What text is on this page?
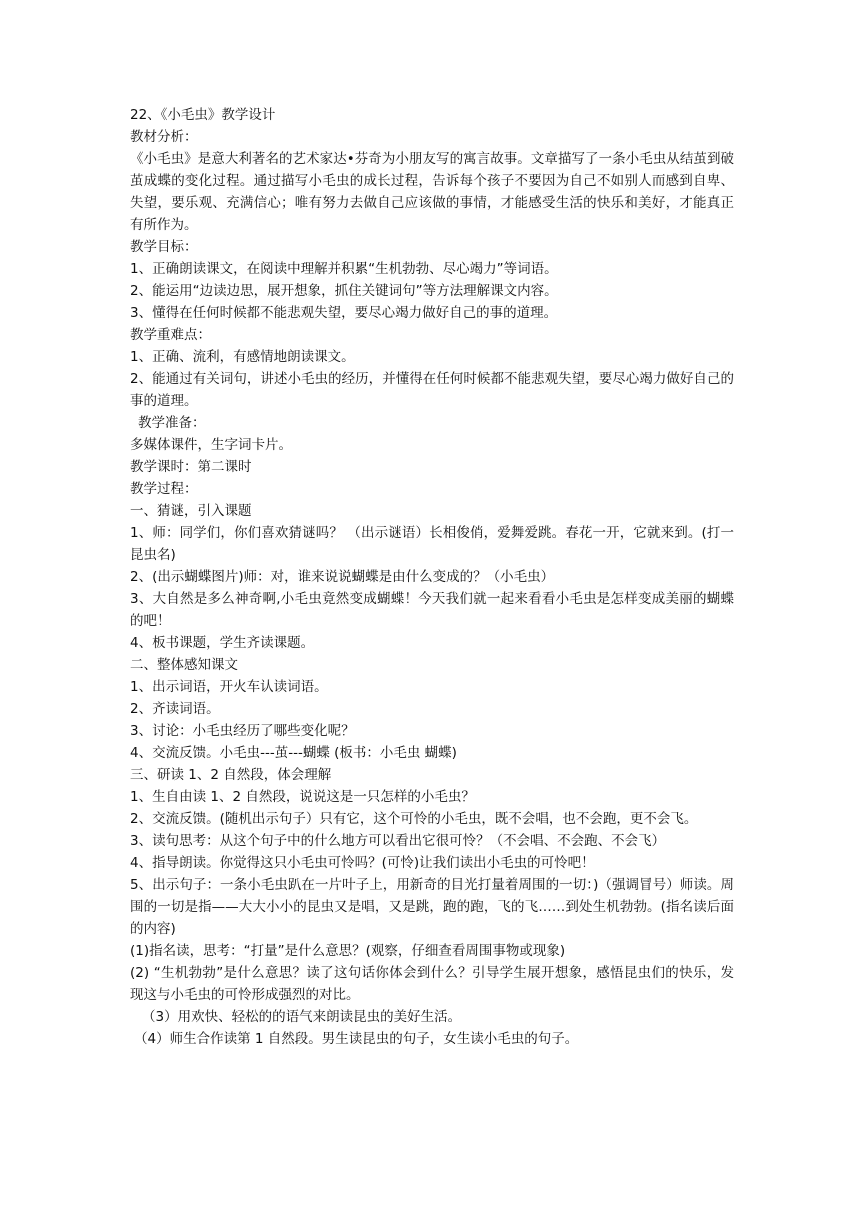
22、《小毛虫》教学设计
教材分析：
《小毛虫》是意大利著名的艺术家达•芬奇为小朋友写的寓言故事。文章描写了一条小毛虫从结茧到破茧成蝶的变化过程。通过描写小毛虫的成长过程，告诉每个孩子不要因为自己不如别人而感到自卑、失望，要乐观、充满信心；唯有努力去做自己应该做的事情，才能感受生活的快乐和美好，才能真正有所作为。
教学目标：
1、正确朗读课文，在阅读中理解并积累“生机勃勃、尽心竭力”等词语。
2、能运用“边读边思，展开想象，抓住关键词句”等方法理解课文内容。
3、懂得在任何时候都不能悲观失望，要尽心竭力做好自己的事的道理。
教学重难点：
1、正确、流利，有感情地朗读课文。
2、能通过有关词句，讲述小毛虫的经历，并懂得在任何时候都不能悲观失望，要尽心竭力做好自己的事的道理。
教学准备：
多媒体课件，生字词卡片。
教学课时：第二课时
教学过程：
一、猜谜，引入课题
1、师：同学们，你们喜欢猜谜吗？ （出示谜语）长相俊俏，爱舞爱跳。春花一开，它就来到。(打一昆虫名)
2、(出示蝴蝶图片)师：对，谁来说说蝴蝶是由什么变成的？（小毛虫）
3、大自然是多么神奇啊,小毛虫竟然变成蝴蝶！今天我们就一起来看看小毛虫是怎样变成美丽的蝴蝶的吧！
4、板书课题，学生齐读课题。
二、整体感知课文
1、出示词语，开火车认读词语。
2、齐读词语。
3、讨论：小毛虫经历了哪些变化呢？
4、交流反馈。小毛虫---茧---蝴蝶 (板书：小毛虫 蝴蝶)
三、研读 1、2 自然段，体会理解
1、生自由读 1、2 自然段，说说这是一只怎样的小毛虫？
2、交流反馈。(随机出示句子）只有它，这个可怜的小毛虫，既不会唱，也不会跑，更不会飞。
3、读句思考：从这个句子中的什么地方可以看出它很可怜？（不会唱、不会跑、不会飞）
4、指导朗读。你觉得这只小毛虫可怜吗？(可怜)让我们读出小毛虫的可怜吧！
5、出示句子：一条小毛虫趴在一片叶子上，用新奇的目光打量着周围的一切：)（强调冒号）师读。周围的一切是指——大大小小的昆虫又是唱，又是跳，跑的跑，飞的飞……到处生机勃勃。(指名读后面的内容)
(1)指名读，思考：“打量”是什么意思？(观察，仔细查看周围事物或现象)
(2) “生机勃勃”是什么意思？读了这句话你体会到什么？引导学生展开想象，感悟昆虫们的快乐，发现这与小毛虫的可怜形成强烈的对比。
（3）用欢快、轻松的的语气来朗读昆虫的美好生活。
（4）师生合作读第 1 自然段。男生读昆虫的句子，女生读小毛虫的句子。
